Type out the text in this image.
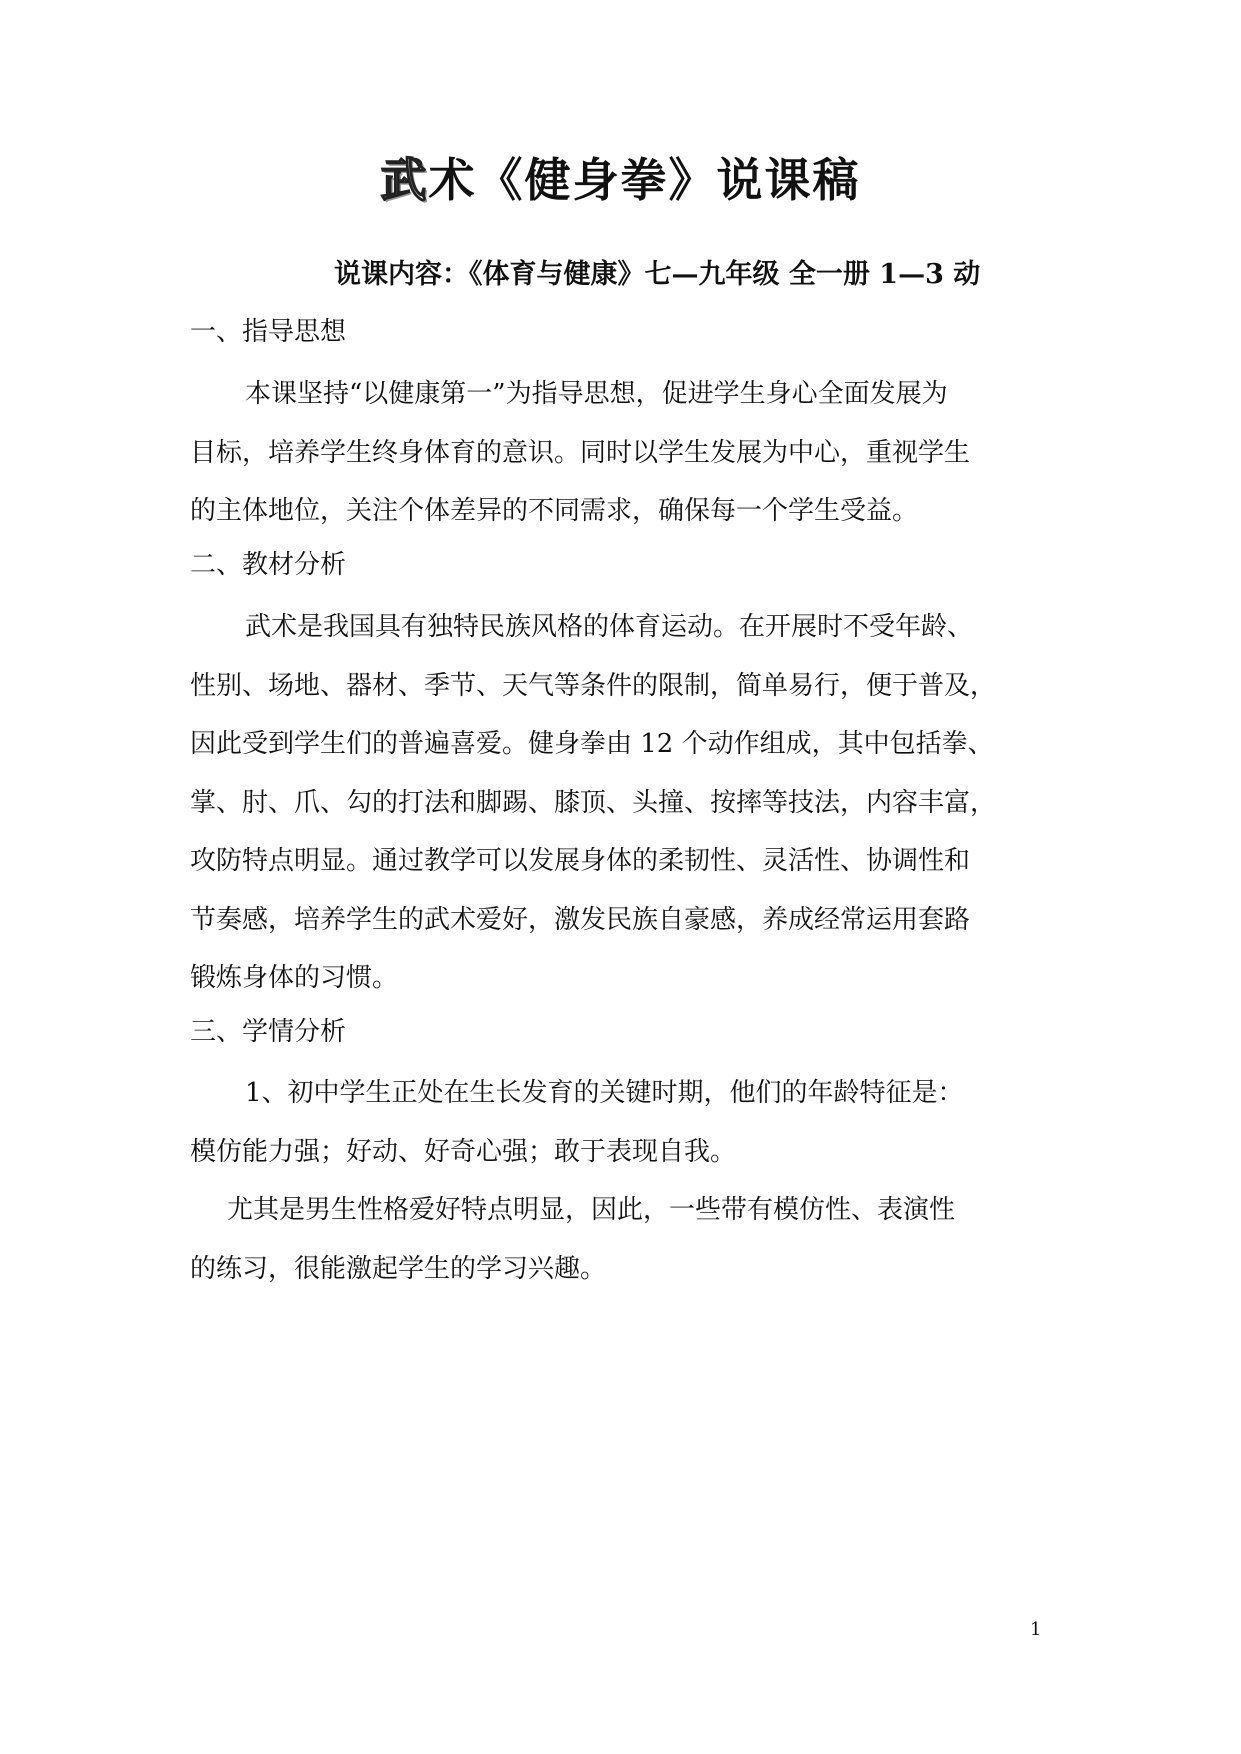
武术《健身拳》说课稿
说课内容：《体育与健康》七—九年级 全一册 1—3 动
一、指导思想
本课坚持“以健康第一”为指导思想，促进学生身心全面发展为
目标，培养学生终身体育的意识。同时以学生发展为中心，重视学生
的主体地位，关注个体差异的不同需求，确保每一个学生受益。
二、教材分析
武术是我国具有独特民族风格的体育运动。在开展时不受年龄、
性别、场地、器材、季节、天气等条件的限制，简单易行，便于普及，
因此受到学生们的普遍喜爱。健身拳由 12 个动作组成，其中包括拳、
掌、肘、爪、勾的打法和脚踢、膝顶、头撞、按摔等技法，内容丰富，
攻防特点明显。通过教学可以发展身体的柔韧性、灵活性、协调性和
节奏感，培养学生的武术爱好，激发民族自豪感，养成经常运用套路
锻炼身体的习惯。
三、学情分析
1、初中学生正处在生长发育的关键时期，他们的年龄特征是：
模仿能力强；好动、好奇心强；敢于表现自我。
尤其是男生性格爱好特点明显，因此，一些带有模仿性、表演性
的练习，很能激起学生的学习兴趣。
1
